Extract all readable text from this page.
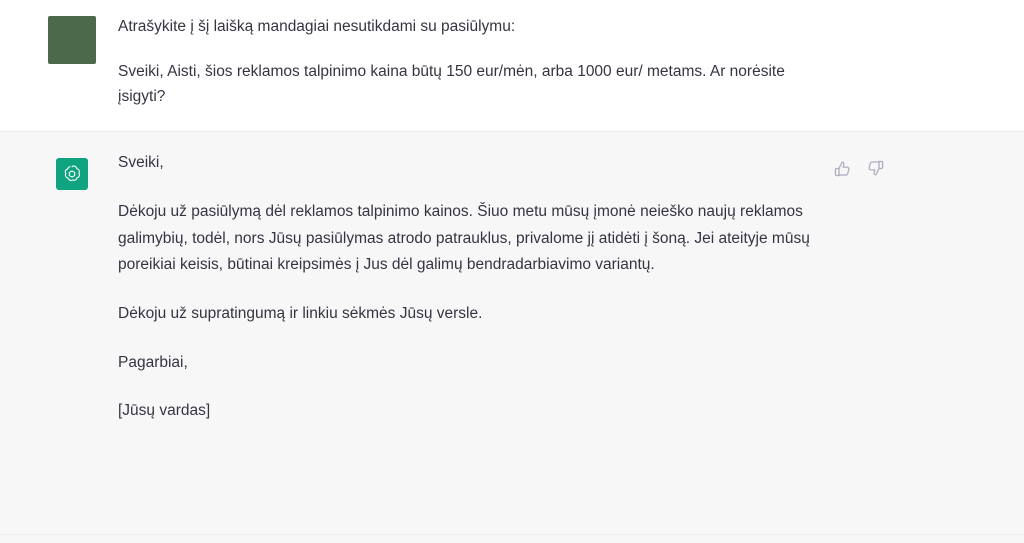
Atrašykite į šį laišką mandagiai nesutikdami su pasiūlymu:

Sveiki, Aisti, šios reklamos talpinimo kaina būtų 150 eur/mėn, arba 1000 eur/ metams. Ar norėsite įsigyti?

Sveiki,

Dėkoju už pasiūlymą dėl reklamos talpinimo kainos. Šiuo metu mūsų įmonė neieško naujų reklamos galimybių, todėl, nors Jūsų pasiūlymas atrodo patrauklus, privalome jį atidėti į šoną. Jei ateityje mūsų poreikiai keisis, būtinai kreipsimės į Jus dėl galimų bendradarbiavimo variantų.

Dėkoju už supratingumą ir linkiu sėkmės Jūsų versle.

Pagarbiai,

[Jūsų vardas]
